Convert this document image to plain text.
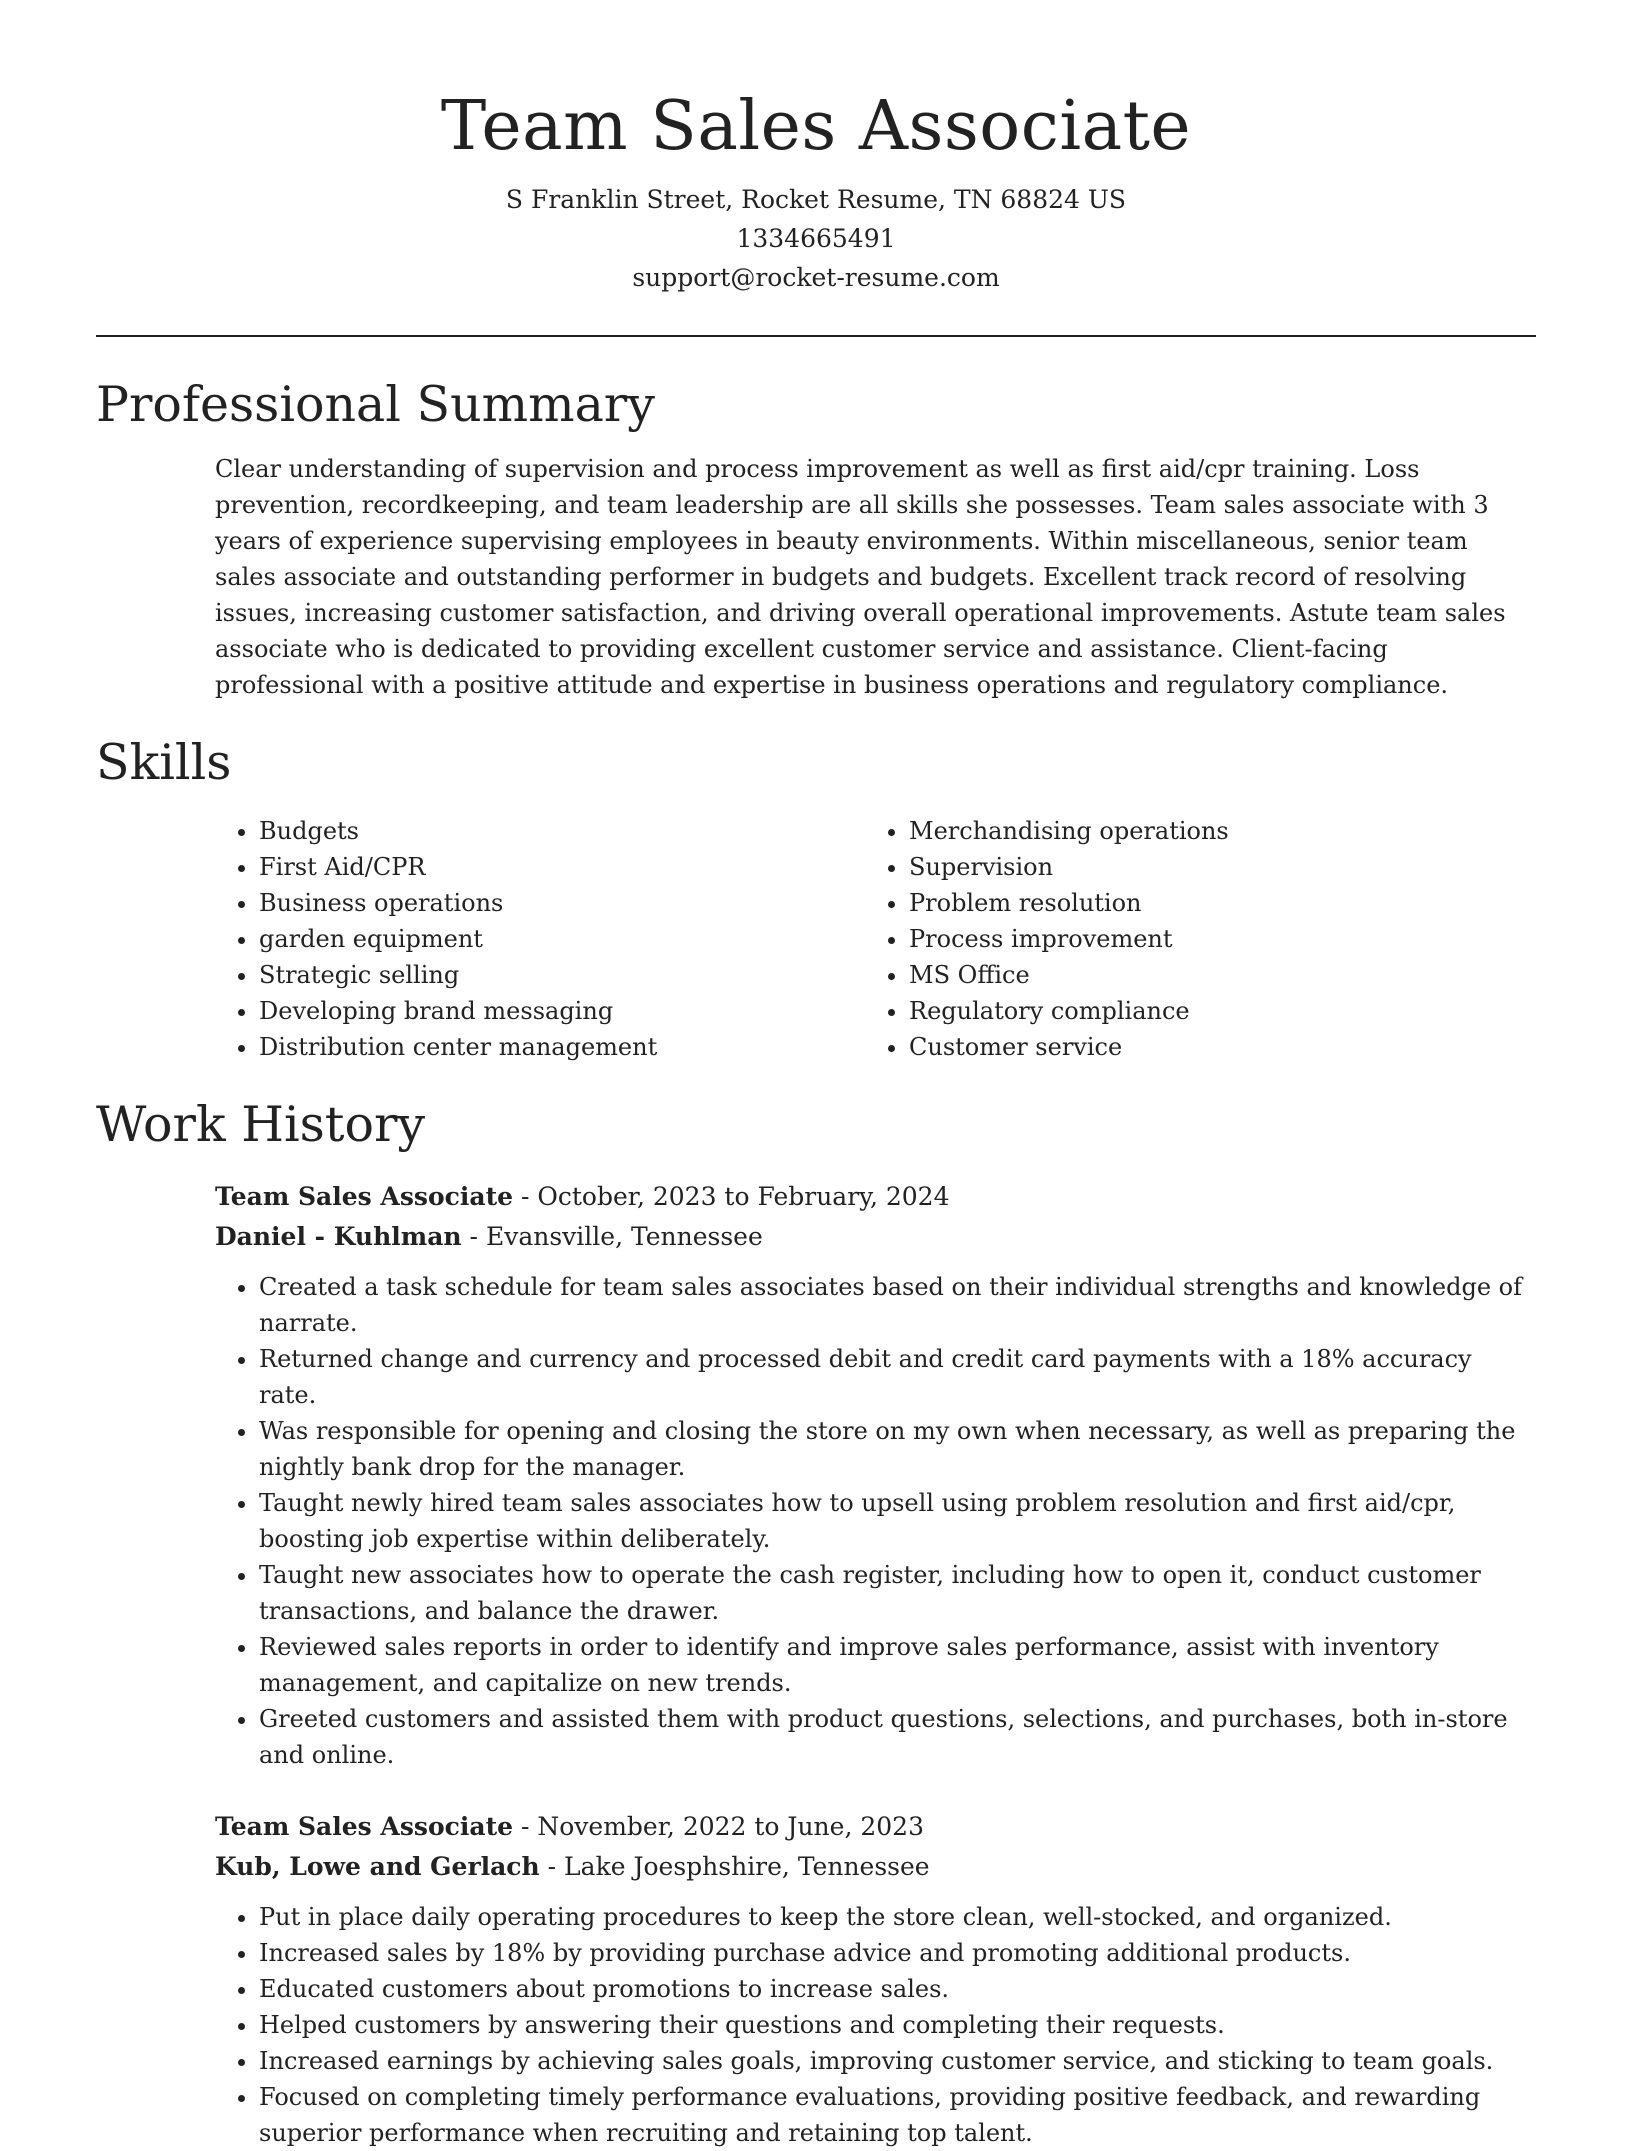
Team Sales Associate

S Franklin Street, Rocket Resume, TN 68824 US

1334665491

support@rocket-resume.com

Professional Summary

Clear understanding of supervision and process improvement as well as first aid/cpr training. Loss prevention, recordkeeping, and team leadership are all skills she possesses. Team sales associate with 3 years of experience supervising employees in beauty environments. Within miscellaneous, senior team sales associate and outstanding performer in budgets and budgets. Excellent track record of resolving issues, increasing customer satisfaction, and driving overall operational improvements. Astute team sales associate who is dedicated to providing excellent customer service and assistance. Client-facing professional with a positive attitude and expertise in business operations and regulatory compliance.

Skills
• Budgets
• First Aid/CPR
• Business operations
• garden equipment
• Strategic selling
• Developing brand messaging
• Distribution center management
• Merchandising operations
• Supervision
• Problem resolution
• Process improvement
• MS Office
• Regulatory compliance
• Customer service
Work History

Team Sales Associate - October, 2023 to February, 2024

Daniel - Kuhlman - Evansville, Tennessee

• Created a task schedule for team sales associates based on their individual strengths and knowledge of narrate.
• Returned change and currency and processed debit and credit card payments with a 18% accuracy rate.
• Was responsible for opening and closing the store on my own when necessary, as well as preparing the nightly bank drop for the manager.
• Taught newly hired team sales associates how to upsell using problem resolution and first aid/cpr, boosting job expertise within deliberately.
• Taught new associates how to operate the cash register, including how to open it, conduct customer transactions, and balance the drawer.
• Reviewed sales reports in order to identify and improve sales performance, assist with inventory management, and capitalize on new trends.
• Greeted customers and assisted them with product questions, selections, and purchases, both in-store and online.

Team Sales Associate - November, 2022 to June, 2023

Kub, Lowe and Gerlach - Lake Joesphshire, Tennessee

• Put in place daily operating procedures to keep the store clean, well-stocked, and organized.
• Increased sales by 18% by providing purchase advice and promoting additional products.
• Educated customers about promotions to increase sales.
• Helped customers by answering their questions and completing their requests.
• Increased earnings by achieving sales goals, improving customer service, and sticking to team goals.
• Focused on completing timely performance evaluations, providing positive feedback, and rewarding superior performance when recruiting and retaining top talent.
